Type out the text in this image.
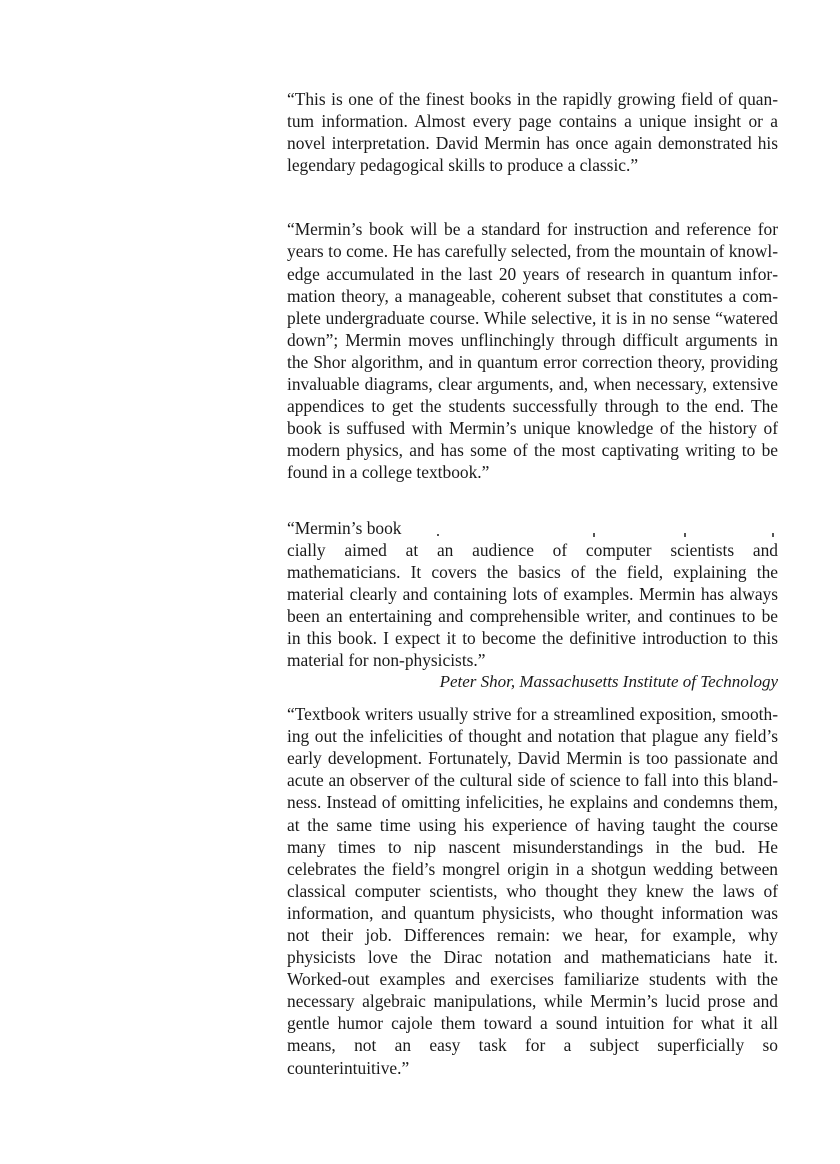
“This is one of the finest books in the rapidly growing field of quantum information. Almost every page contains a unique insight or a novel interpretation. David Mermin has once again demonstrated his legendary pedagogical skills to produce a classic.”

“Mermin’s book will be a standard for instruction and reference for years to come. He has carefully selected, from the mountain of knowledge accumulated in the last 20 years of research in quantum information theory, a manageable, coherent subset that constitutes a complete undergraduate course. While selective, it is in no sense “watered down”; Mermin moves unflinchingly through difficult arguments in the Shor algorithm, and in quantum error correction theory, providing invaluable diagrams, clear arguments, and, when necessary, extensive appendices to get the students successfully through to the end. The book is suffused with Mermin’s unique knowledge of the history of modern physics, and has some of the most captivating writing to be found in a college textbook.”

“Mermin’s book

cially aimed at an audience of computer scientists and mathematicians. It covers the basics of the field, explaining the material clearly and containing lots of examples. Mermin has always been an entertaining and comprehensible writer, and continues to be in this book. I expect it to become the definitive introduction to this material for non-physicists.”

Peter Shor, Massachusetts Institute of Technology

“Textbook writers usually strive for a streamlined exposition, smoothing out the infelicities of thought and notation that plague any field’s early development. Fortunately, David Mermin is too passionate and acute an observer of the cultural side of science to fall into this blandness. Instead of omitting infelicities, he explains and condemns them, at the same time using his experience of having taught the course many times to nip nascent misunderstandings in the bud. He celebrates the field’s mongrel origin in a shotgun wedding between classical computer scientists, who thought they knew the laws of information, and quantum physicists, who thought information was not their job. Differences remain: we hear, for example, why physicists love the Dirac notation and mathematicians hate it. Worked-out examples and exercises familiarize students with the necessary algebraic manipulations, while Mermin’s lucid prose and gentle humor cajole them toward a sound intuition for what it all means, not an easy task for a subject superficially so counterintuitive.”
